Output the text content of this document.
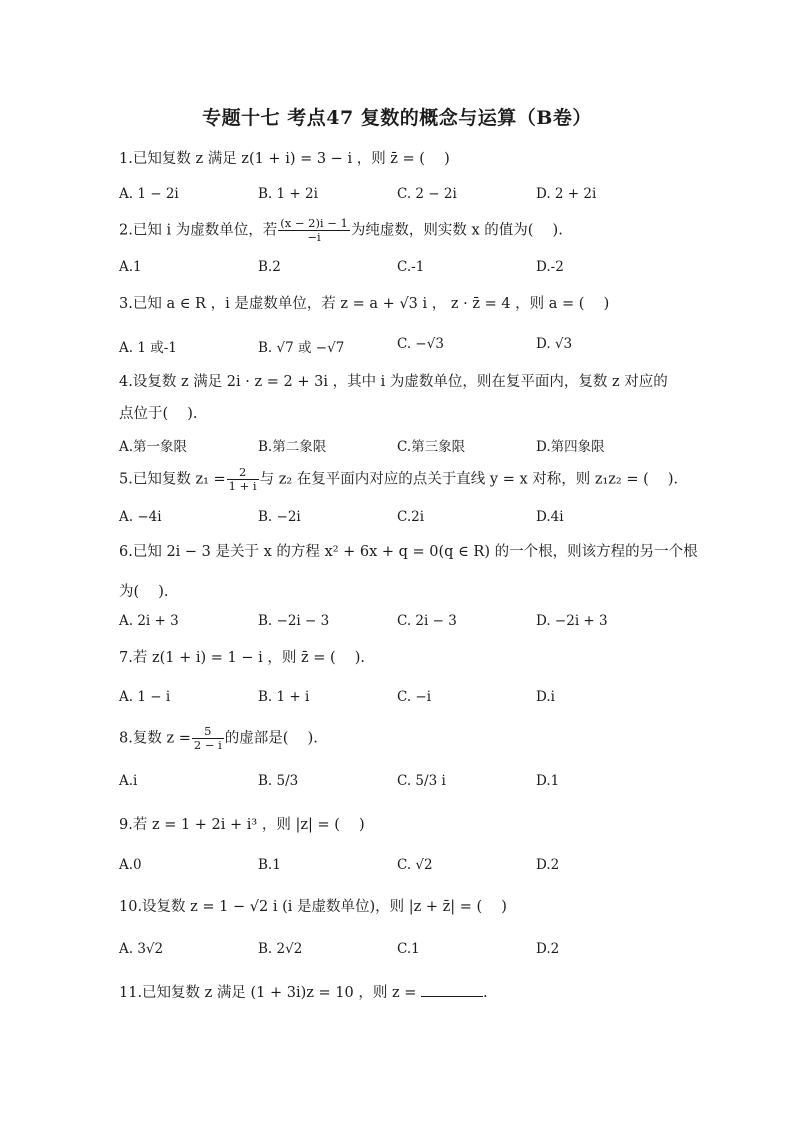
专题十七 考点47 复数的概念与运算（B卷）
1.已知复数 z 满足 z(1 + i) = 3 − i ，则 z̄ = (　 )
A. 1 − 2i	B. 1 + 2i	C. 2 − 2i	D. 2 + 2i
2.已知 i 为虚数单位，若 $\frac{(x - 2)i - 1}{-i}$ 为纯虚数，则实数 x 的值为(　 ).
A.1	B.2	C.-1	D.-2
3.已知 a ∈ R ，i 是虚数单位，若 z = a + √3 i ， z · z̄ = 4 ，则 a = (　 )
A. 1 或-1	B. √7 或 −√7	C. −√3	D. √3
4.设复数 z 满足 2i · z = 2 + 3i ，其中 i 为虚数单位，则在复平面内，复数 z 对应的
点位于(　 ).
A.第一象限	B.第二象限	C.第三象限	D.第四象限
5.已知复数 $z_1 = \frac{2}{1 + i}$ 与 z₂ 在复平面内对应的点关于直线 y = x 对称，则 z₁z₂ = (　 ).
A. −4i	B. −2i	C.2i	D.4i
6.已知 2i − 3 是关于 x 的方程 x² + 6x + q = 0(q ∈ R) 的一个根，则该方程的另一个根
为(　 ).
A. 2i + 3	B. −2i − 3	C. 2i − 3	D. −2i + 3
7.若 z(1 + i) = 1 − i ，则 z̄ = (　 ).
A. 1 − i	B. 1 + i	C. −i	D.i
8.复数 $z = \frac{5}{2 - i}$ 的虚部是(　 ).
A.i	B. 5/3	C. 5/3 i	D.1
9.若 z = 1 + 2i + i³ ，则 |z| = (　 )
A.0	B.1	C. √2	D.2
10.设复数 z = 1 − √2 i (i 是虚数单位)，则 |z + z̄| = (　 )
A. 3√2	B. 2√2	C.1	D.2
11.已知复数 z 满足 (1 + 3i)z = 10 ，则 z =	.
